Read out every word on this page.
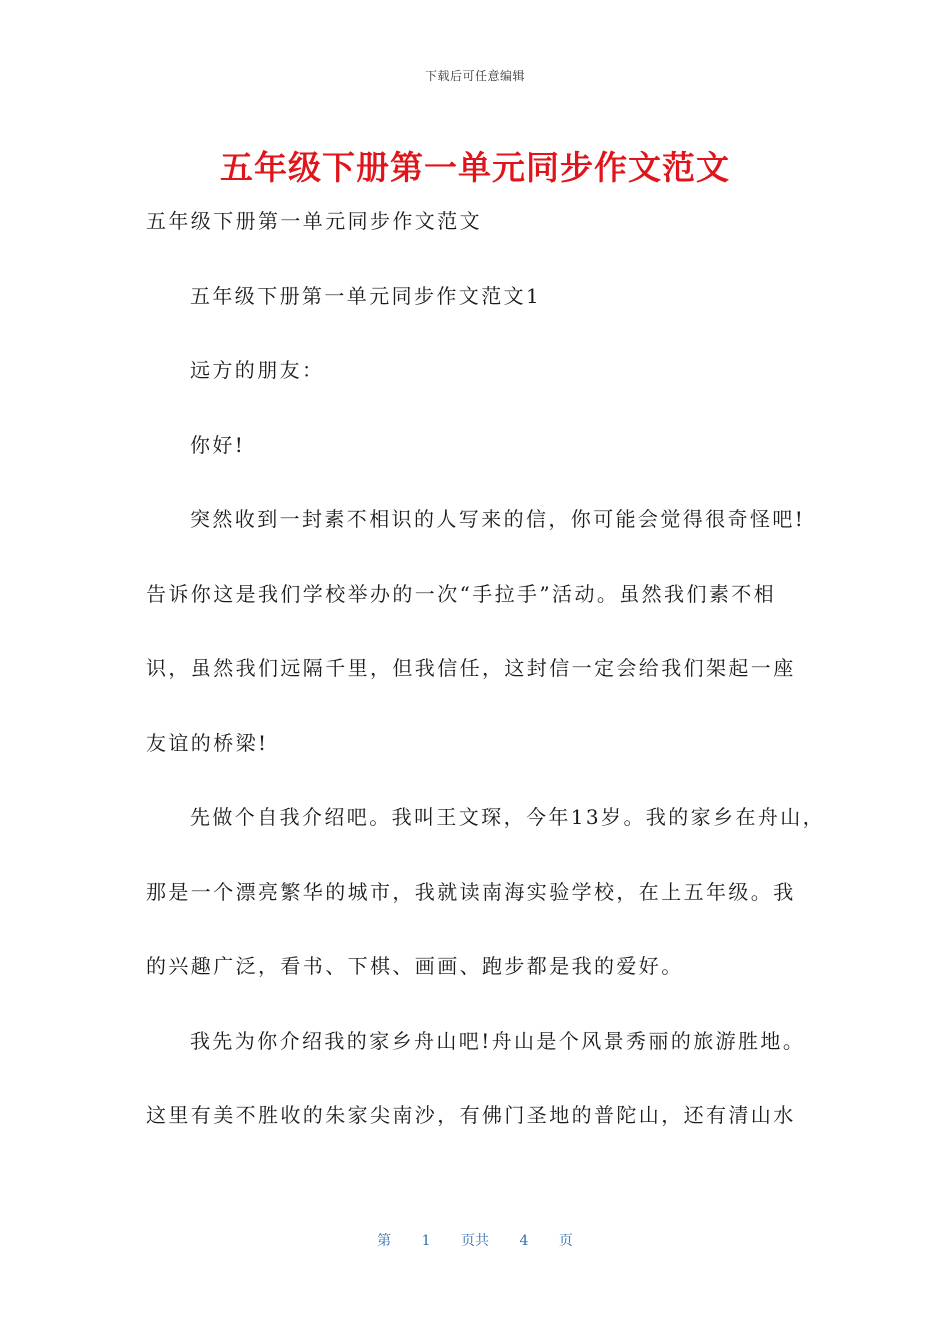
下载后可任意编辑
五年级下册第一单元同步作文范文

五年级下册第一单元同步作文范文

五年级下册第一单元同步作文范文1

远方的朋友：

你好!

突然收到一封素不相识的人写来的信，你可能会觉得很奇怪吧!

告诉你这是我们学校举办的一次“手拉手”活动。虽然我们素不相

识，虽然我们远隔千里，但我信任，这封信一定会给我们架起一座

友谊的桥梁!

先做个自我介绍吧。我叫王文琛，今年13岁。我的家乡在舟山，

那是一个漂亮繁华的城市，我就读南海实验学校，在上五年级。我

的兴趣广泛，看书、下棋、画画、跑步都是我的爱好。

我先为你介绍我的家乡舟山吧!舟山是个风景秀丽的旅游胜地。

这里有美不胜收的朱家尖南沙，有佛门圣地的普陀山，还有清山水

第 1 页共 4 页
